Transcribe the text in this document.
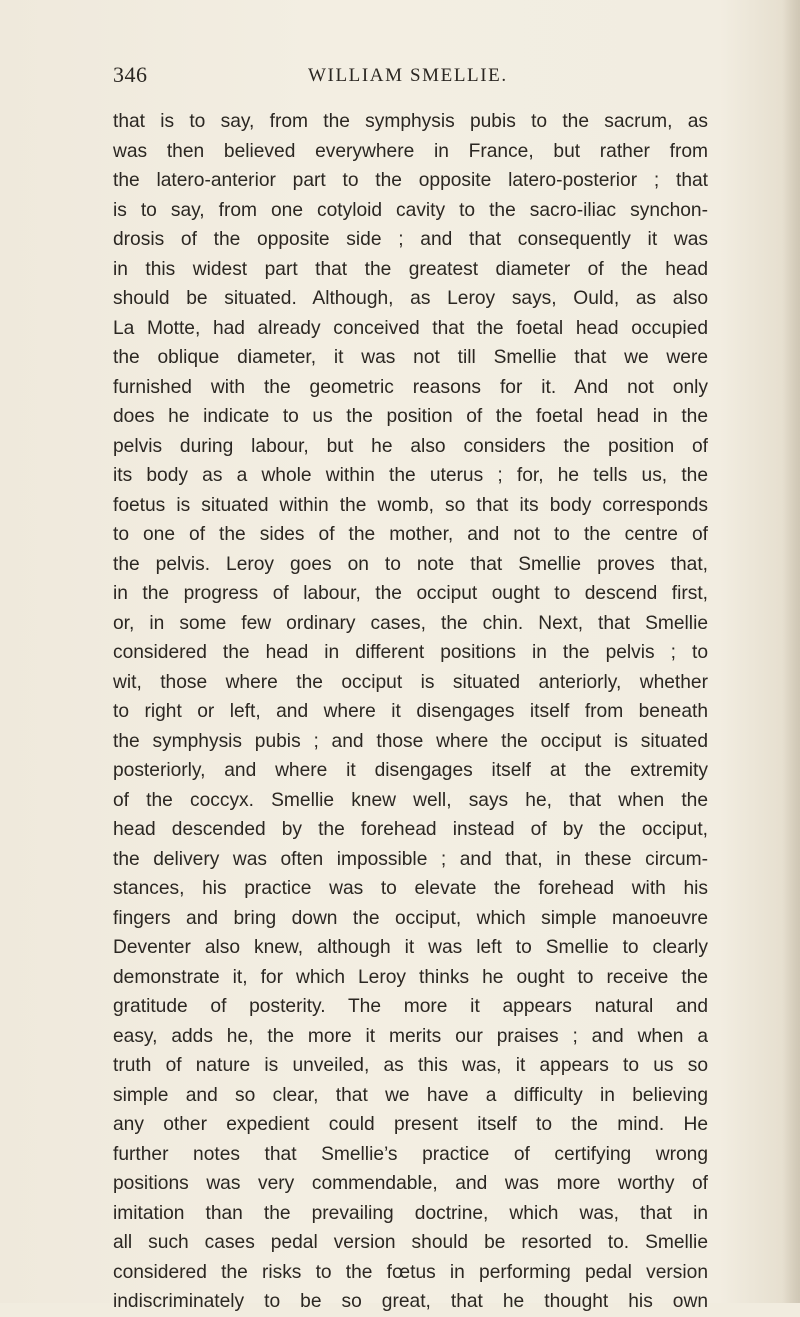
346	WILLIAM SMELLIE.
that is to say, from the symphysis pubis to the sacrum, as
was then believed everywhere in France, but rather from
the latero-anterior part to the opposite latero-posterior ; that
is to say, from one cotyloid cavity to the sacro-iliac synchon-
drosis of the opposite side ; and that consequently it was
in this widest part that the greatest diameter of the head
should be situated. Although, as Leroy says, Ould, as also
La Motte, had already conceived that the foetal head occupied
the oblique diameter, it was not till Smellie that we were
furnished with the geometric reasons for it. And not only
does he indicate to us the position of the foetal head in the
pelvis during labour, but he also considers the position of
its body as a whole within the uterus ; for, he tells us, the
foetus is situated within the womb, so that its body corresponds
to one of the sides of the mother, and not to the centre of
the pelvis. Leroy goes on to note that Smellie proves that,
in the progress of labour, the occiput ought to descend first,
or, in some few ordinary cases, the chin. Next, that Smellie
considered the head in different positions in the pelvis ; to
wit, those where the occiput is situated anteriorly, whether
to right or left, and where it disengages itself from beneath
the symphysis pubis ; and those where the occiput is situated
posteriorly, and where it disengages itself at the extremity
of the coccyx. Smellie knew well, says he, that when the
head descended by the forehead instead of by the occiput,
the delivery was often impossible ; and that, in these circum-
stances, his practice was to elevate the forehead with his
fingers and bring down the occiput, which simple manoeuvre
Deventer also knew, although it was left to Smellie to clearly
demonstrate it, for which Leroy thinks he ought to receive the
gratitude of posterity. The more it appears natural and
easy, adds he, the more it merits our praises ; and when a
truth of nature is unveiled, as this was, it appears to us so
simple and so clear, that we have a difficulty in believing
any other expedient could present itself to the mind. He
further notes that Smellie’s practice of certifying wrong
positions was very commendable, and was more worthy of
imitation than the prevailing doctrine, which was, that in
all such cases pedal version should be resorted to. Smellie
considered the risks to the fœtus in performing pedal version
indiscriminately to be so great, that he thought his own
